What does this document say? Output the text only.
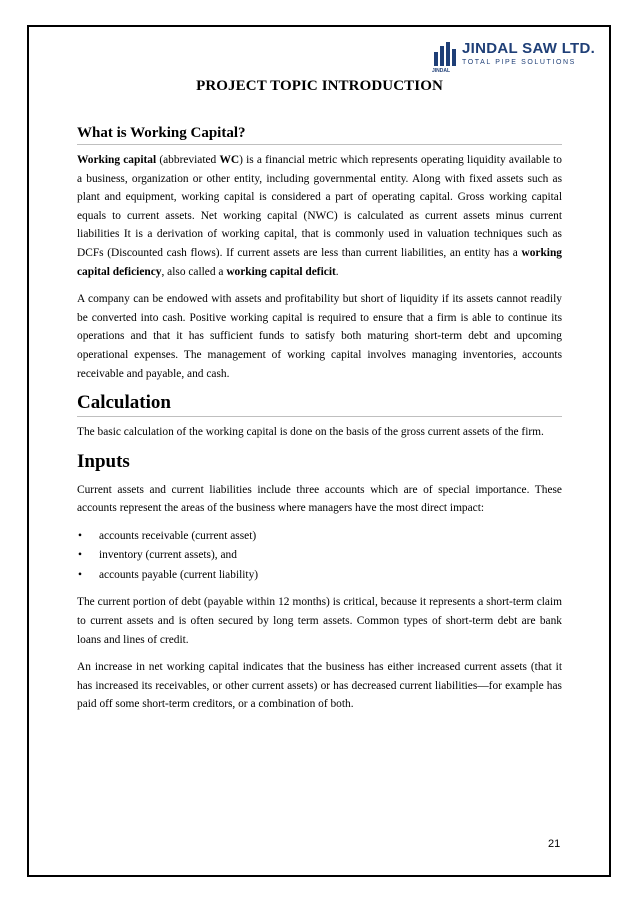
JINDAL SAW LTD.
TOTAL PIPE SOLUTIONS
JINDAL
PROJECT TOPIC INTRODUCTION
What is Working Capital?

Working capital (abbreviated WC) is a financial metric which represents operating liquidity available to a business, organization or other entity, including governmental entity. Along with fixed assets such as plant and equipment, working capital is considered a part of operating capital. Gross working capital equals to current assets. Net working capital (NWC) is calculated as current assets minus current liabilities It is a derivation of working capital, that is commonly used in valuation techniques such as DCFs (Discounted cash flows). If current assets are less than current liabilities, an entity has a working capital deficiency, also called a working capital deficit.

A company can be endowed with assets and profitability but short of liquidity if its assets cannot readily be converted into cash. Positive working capital is required to ensure that a firm is able to continue its operations and that it has sufficient funds to satisfy both maturing short-term debt and upcoming operational expenses. The management of working capital involves managing inventories, accounts receivable and payable, and cash.

Calculation

The basic calculation of the working capital is done on the basis of the gross current assets of the firm.

Inputs

Current assets and current liabilities include three accounts which are of special importance. These accounts represent the areas of the business where managers have the most direct impact:

• accounts receivable (current asset)
• inventory (current assets), and
• accounts payable (current liability)

The current portion of debt (payable within 12 months) is critical, because it represents a short-term claim to current assets and is often secured by long term assets. Common types of short-term debt are bank loans and lines of credit.

An increase in net working capital indicates that the business has either increased current assets (that it has increased its receivables, or other current assets) or has decreased current liabilities—for example has paid off some short-term creditors, or a combination of both.

21
